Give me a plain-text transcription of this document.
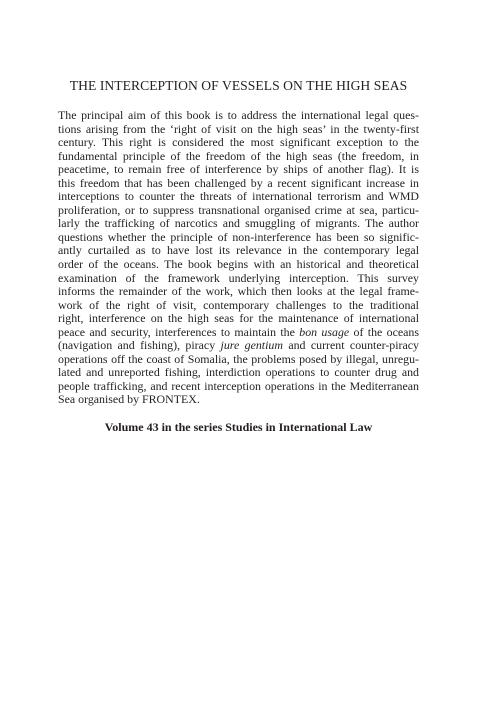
THE INTERCEPTION OF VESSELS ON THE HIGH SEAS

The principal aim of this book is to address the international legal ques-
tions arising from the ‘right of visit on the high seas’ in the twenty-first
century. This right is considered the most significant exception to the
fundamental principle of the freedom of the high seas (the freedom, in
peacetime, to remain free of interference by ships of another flag). It is
this freedom that has been challenged by a recent significant increase in
interceptions to counter the threats of international terrorism and WMD
proliferation, or to suppress transnational organised crime at sea, particu-
larly the trafficking of narcotics and smuggling of migrants. The author
questions whether the principle of non-interference has been so signific-
antly curtailed as to have lost its relevance in the contemporary legal
order of the oceans. The book begins with an historical and theoretical
examination of the framework underlying interception. This survey
informs the remainder of the work, which then looks at the legal frame-
work of the right of visit, contemporary challenges to the traditional
right, interference on the high seas for the maintenance of international
peace and security, interferences to maintain the bon usage of the oceans
(navigation and fishing), piracy jure gentium and current counter-piracy
operations off the coast of Somalia, the problems posed by illegal, unregu-
lated and unreported fishing, interdiction operations to counter drug and
people trafficking, and recent interception operations in the Mediterranean
Sea organised by FRONTEX.

Volume 43 in the series Studies in International Law
